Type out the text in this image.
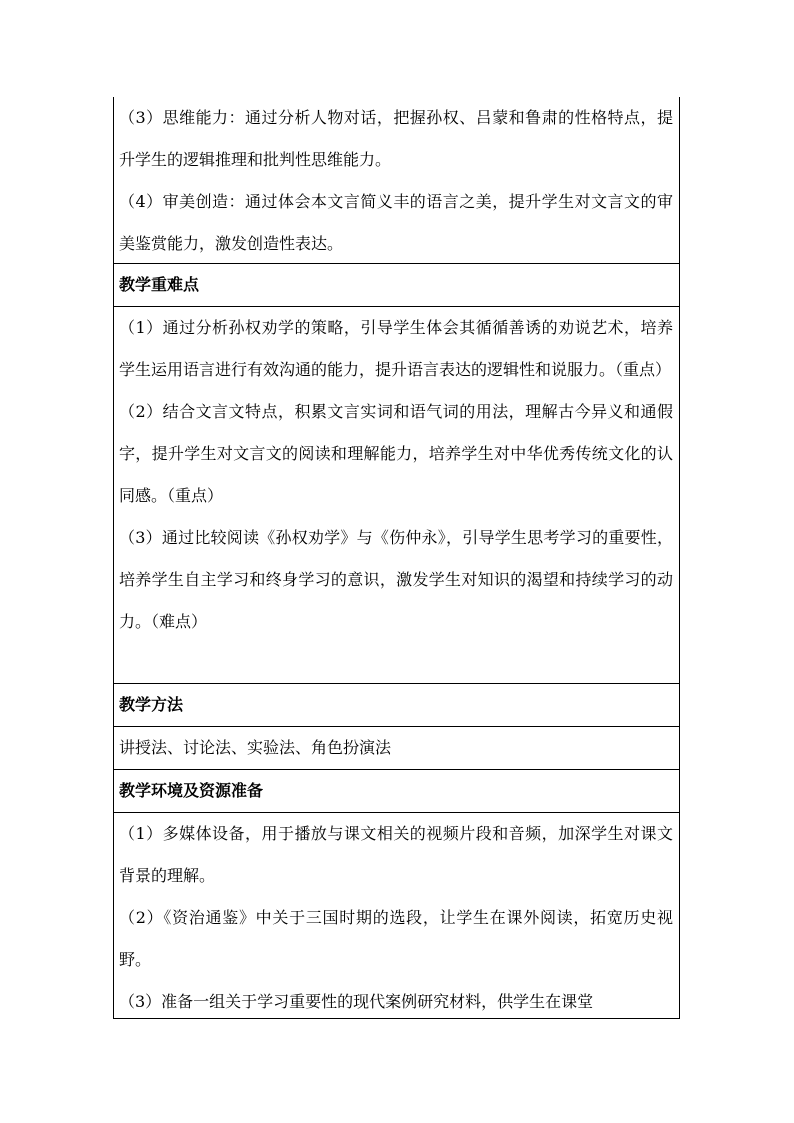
（3）思维能力：通过分析人物对话，把握孙权、吕蒙和鲁肃的性格特点，提升学生的逻辑推理和批判性思维能力。

（4）审美创造：通过体会本文言简义丰的语言之美，提升学生对文言文的审美鉴赏能力，激发创造性表达。

教学重难点

（1）通过分析孙权劝学的策略，引导学生体会其循循善诱的劝说艺术，培养学生运用语言进行有效沟通的能力，提升语言表达的逻辑性和说服力。（重点）

（2）结合文言文特点，积累文言实词和语气词的用法，理解古今异义和通假字，提升学生对文言文的阅读和理解能力，培养学生对中华优秀传统文化的认同感。（重点）

（3）通过比较阅读《孙权劝学》与《伤仲永》，引导学生思考学习的重要性，培养学生自主学习和终身学习的意识，激发学生对知识的渴望和持续学习的动力。（难点）

教学方法

讲授法、讨论法、实验法、角色扮演法

教学环境及资源准备

（1）多媒体设备，用于播放与课文相关的视频片段和音频，加深学生对课文背景的理解。

（2）《资治通鉴》中关于三国时期的选段，让学生在课外阅读，拓宽历史视野。

（3）准备一组关于学习重要性的现代案例研究材料，供学生在课堂
